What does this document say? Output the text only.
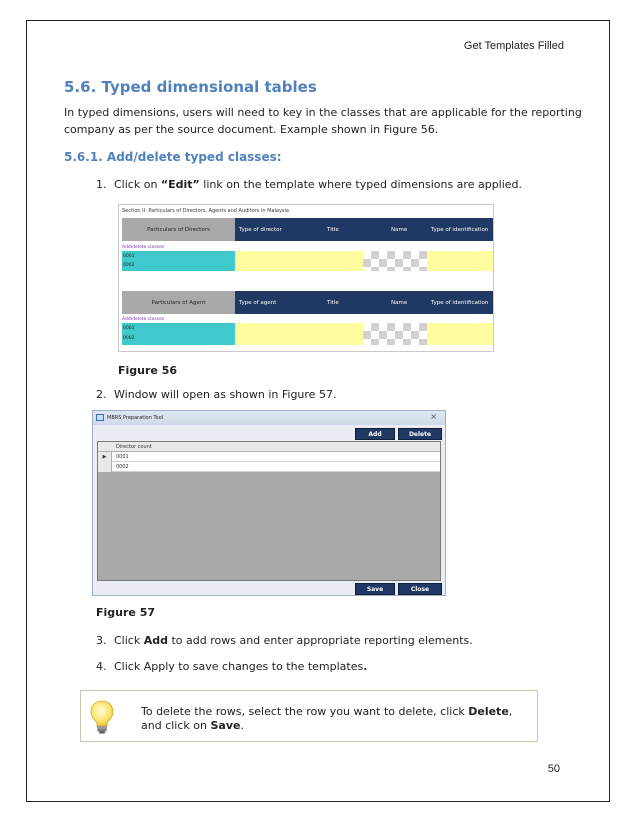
Get Templates Filled
5.6. Typed dimensional tables
In typed dimensions, users will need to key in the classes that are applicable for the reporting company as per the source document. Example shown in Figure 56.
5.6.1. Add/delete typed classes:
1. Click on “Edit” link on the template where typed dimensions are applied.
Section II: Particulars of Directors, Agents and Auditors in Malaysia
Particulars of Directors	Type of director	Title	Name	Type of identification
Add/delete classes
0001
0002
Particulars of Agent	Type of agent	Title	Name	Type of identification
Add/delete classes
0001
0002
Figure 56
2. Window will open as shown in Figure 57.
MBRS Preparation Tool	×
Add	Delete
Director count
▶	0001
0002
Save	Close
Figure 57
3. Click Add to add rows and enter appropriate reporting elements.
4. Click Apply to save changes to the templates.
To delete the rows, select the row you want to delete, click Delete, and click on Save.
50
